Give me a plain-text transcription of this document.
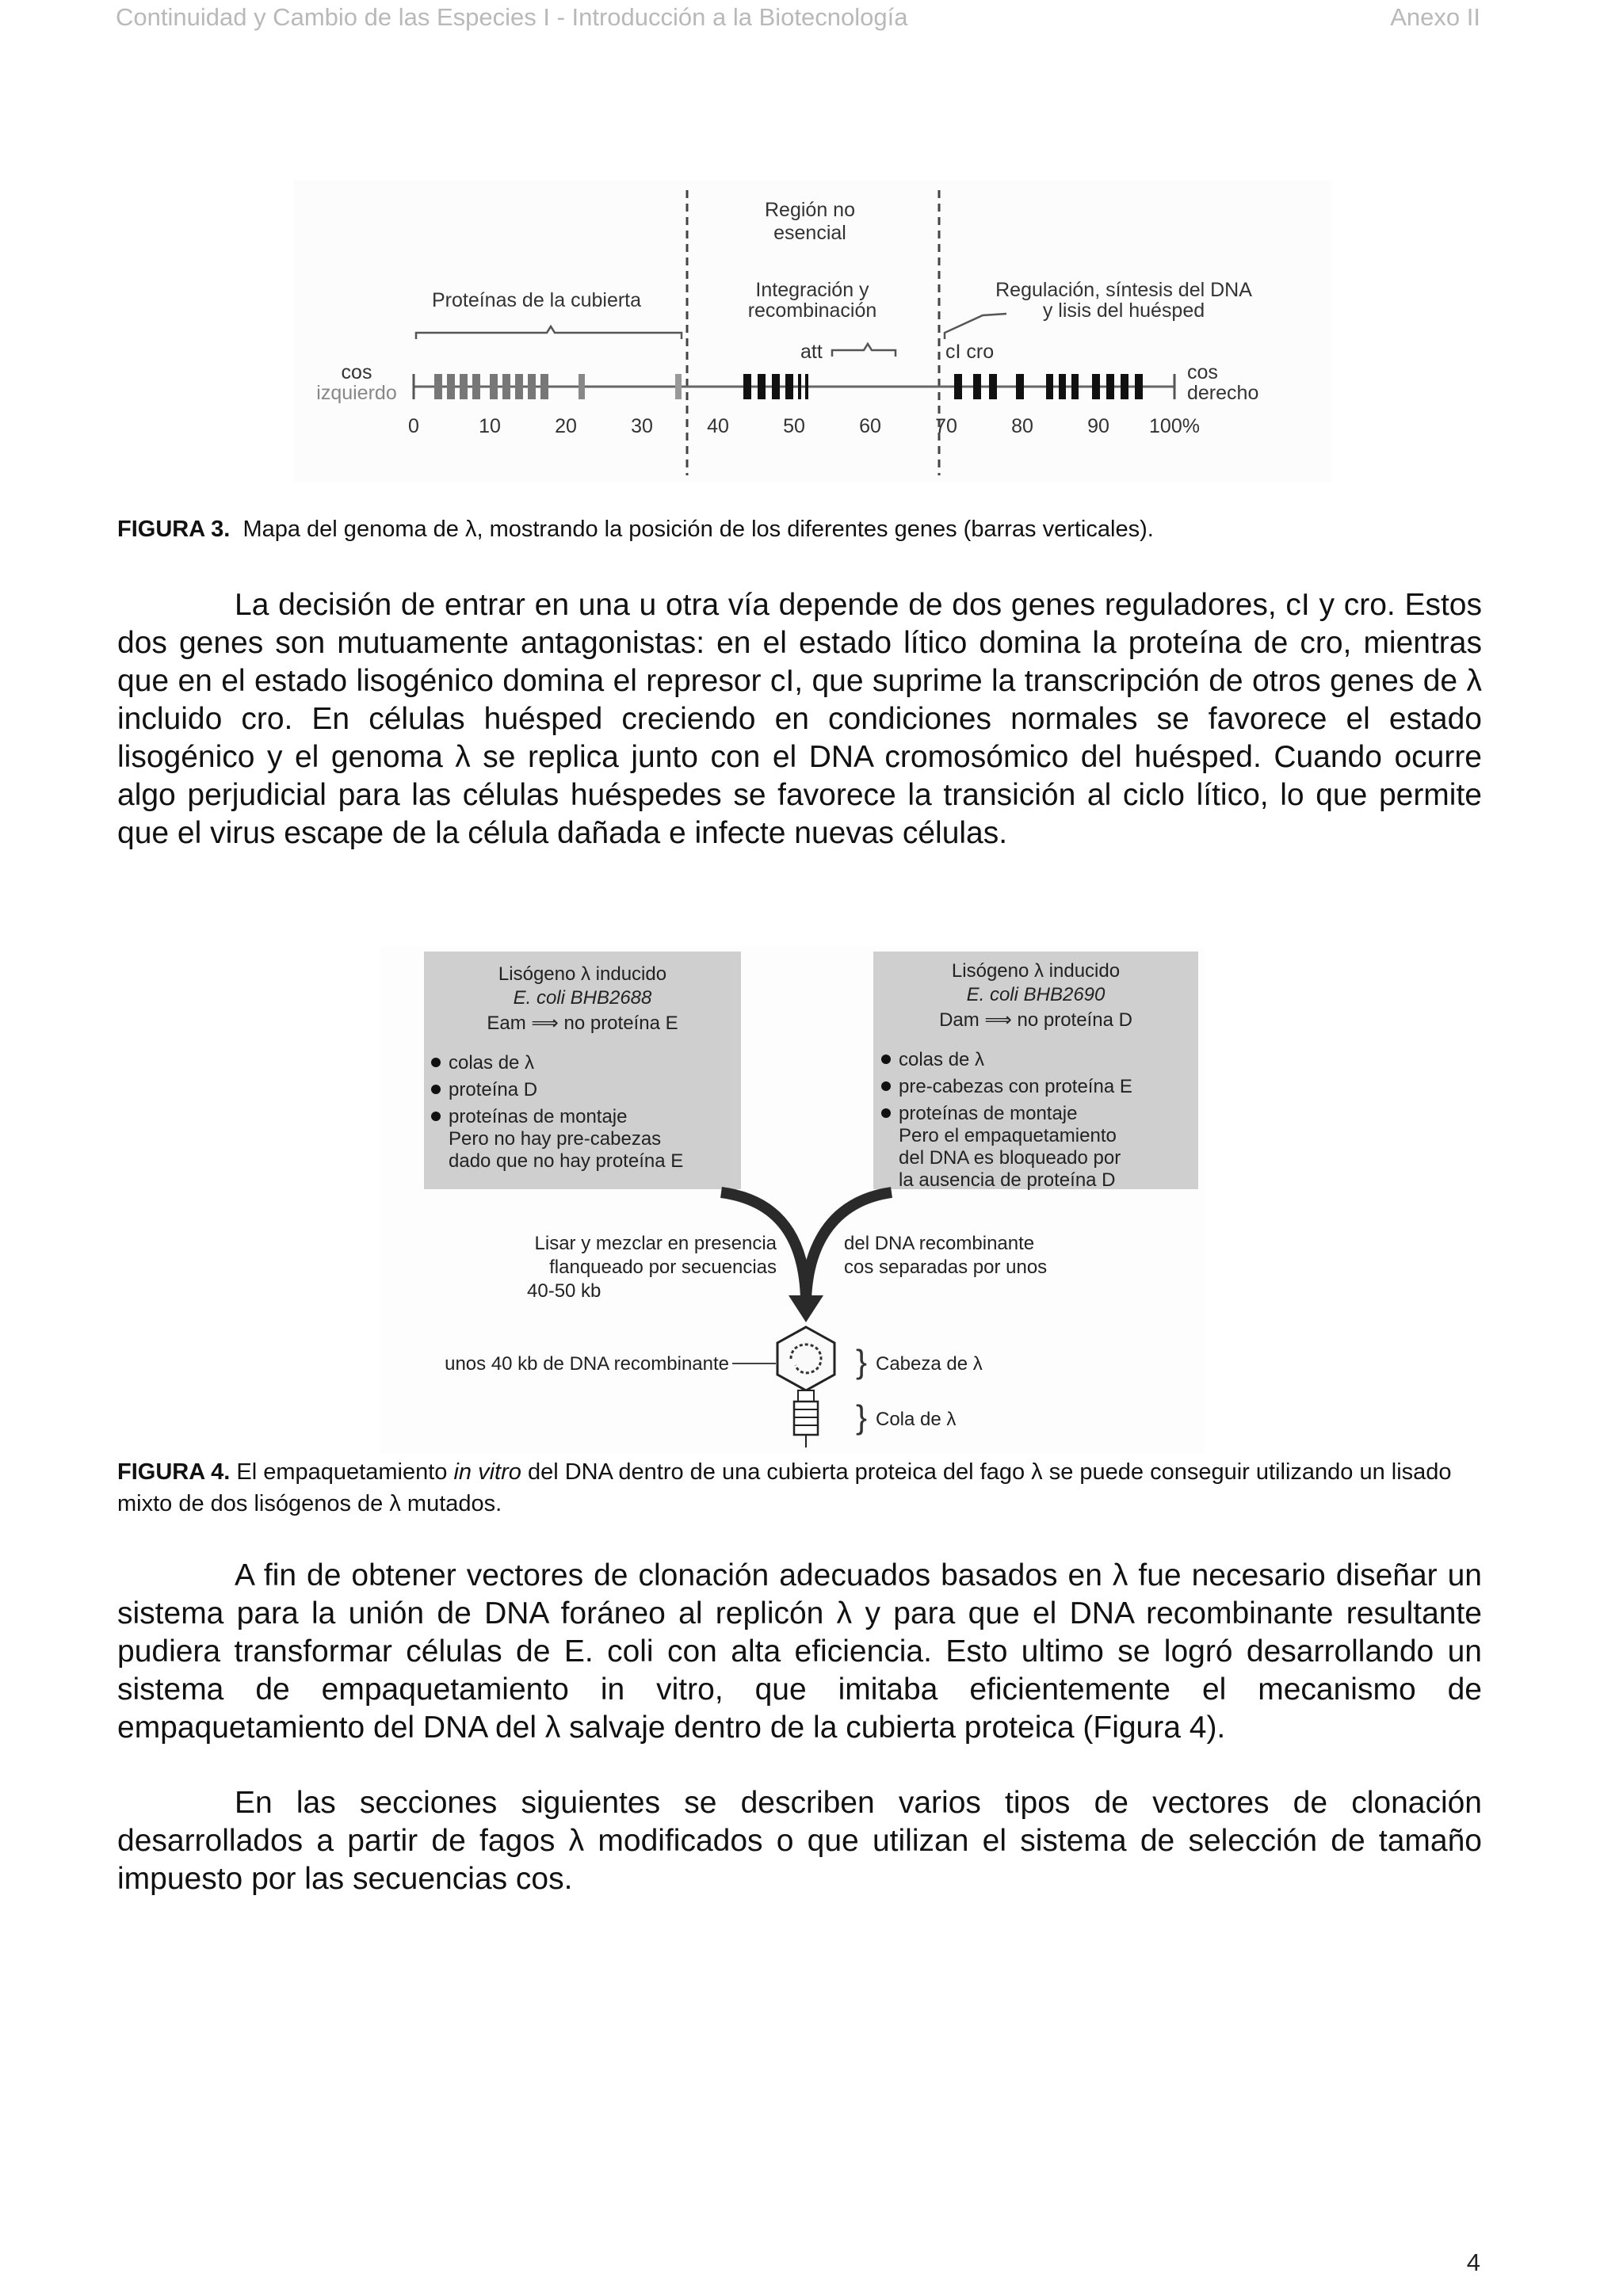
Continuidad y Cambio de las Especies I - Introducción a la Biotecnología	Anexo II
Región no
esencial
Proteínas de la cubierta	Integración y
recombinación
Regulación, síntesis del DNA
y lisis del huésped
att	cI cro
cos
izquierdo
cos
derecho
0	10	20	30	40	50	60	70	80	90 100%
FIGURA 3. Mapa del genoma de λ, mostrando la posición de los diferentes genes (barras verticales).

La decisión de entrar en una u otra vía depende de dos genes reguladores, cI y cro. Estos dos genes son mutuamente antagonistas: en el estado lítico domina la proteína de cro, mientras que en el estado lisogénico domina el represor cI, que suprime la transcripción de otros genes de λ incluido cro. En células huésped creciendo en condiciones normales se favorece el estado lisogénico y el genoma λ se replica junto con el DNA cromosómico del huésped. Cuando ocurre algo perjudicial para las células huéspedes se favorece la transición al ciclo lítico, lo que permite que el virus escape de la célula dañada e infecte nuevas células.

Lisógeno λ inducido
E. coli BHB2688
Eam ⟹ no proteína E
colas de λ
proteína D
proteínas de montaje
Pero no hay pre-cabezas
dado que no hay proteína E
Lisógeno λ inducido
E. coli BHB2690
Dam ⟹ no proteína D
colas de λ
pre-cabezas con proteína E
proteínas de montaje
Pero el empaquetamiento
del DNA es bloqueado por
la ausencia de proteína D
Lisar y mezclar en presencia
flanqueado por secuencias
40-50 kb
del DNA recombinante
cos separadas por unos
unos 40 kb de DNA recombinante	} Cabeza de λ
} Cola de λ
FIGURA 4. El empaquetamiento in vitro del DNA dentro de una cubierta proteica del fago λ se puede conseguir utilizando un lisado mixto de dos lisógenos de λ mutados.

A fin de obtener vectores de clonación adecuados basados en λ fue necesario diseñar un sistema para la unión de DNA foráneo al replicón λ y para que el DNA recombinante resultante pudiera transformar células de E. coli con alta eficiencia. Esto ultimo se logró desarrollando un sistema de empaquetamiento in vitro, que imitaba eficientemente el mecanismo de empaquetamiento del DNA del λ salvaje dentro de la cubierta proteica (Figura 4).

En las secciones siguientes se describen varios tipos de vectores de clonación desarrollados a partir de fagos λ modificados o que utilizan el sistema de selección de tamaño impuesto por las secuencias cos.

4
